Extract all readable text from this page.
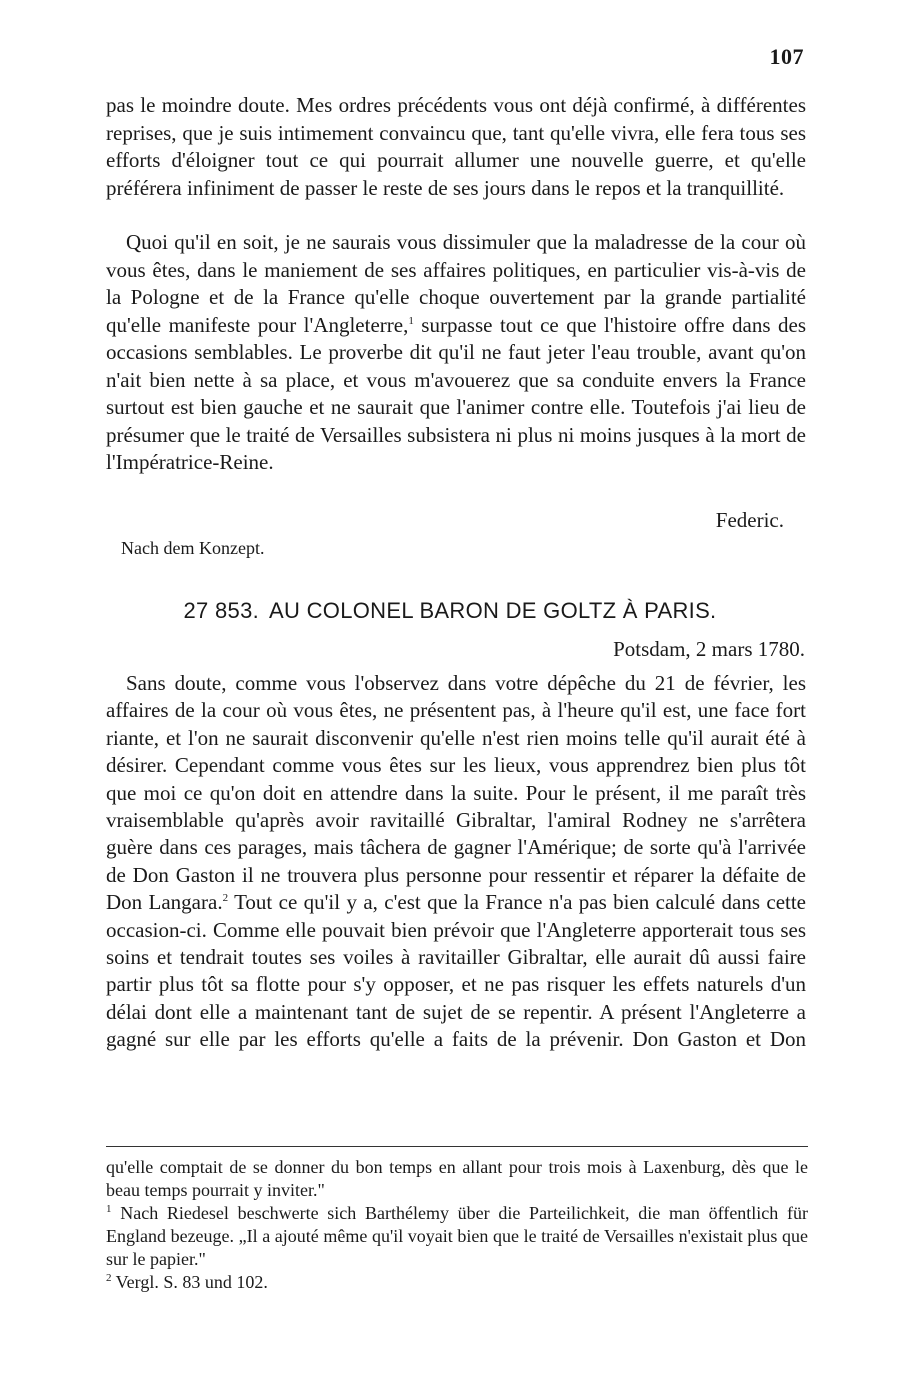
107

pas le moindre doute. Mes ordres précédents vous ont déjà confirmé, à différentes reprises, que je suis intimement convaincu que, tant qu'elle vivra, elle fera tous ses efforts d'éloigner tout ce qui pourrait allumer une nouvelle guerre, et qu'elle préférera infiniment de passer le reste de ses jours dans le repos et la tranquillité.

Quoi qu'il en soit, je ne saurais vous dissimuler que la maladresse de la cour où vous êtes, dans le maniement de ses affaires politiques, en particulier vis-à-vis de la Pologne et de la France qu'elle choque ouvertement par la grande partialité qu'elle manifeste pour l'Angleterre,$^1$ surpasse tout ce que l'histoire offre dans des occasions semblables. Le proverbe dit qu'il ne faut jeter l'eau trouble, avant qu'on n'ait bien nette à sa place, et vous m'avouerez que sa conduite envers la France surtout est bien gauche et ne saurait que l'animer contre elle. Toutefois j'ai lieu de présumer que le traité de Versailles subsistera ni plus ni moins jusques à la mort de l'Impératrice-Reine.

Federic.
Nach dem Konzept.
27 853. AU COLONEL BARON DE GOLTZ À PARIS.
Potsdam, 2 mars 1780.

Sans doute, comme vous l'observez dans votre dépêche du 21 de février, les affaires de la cour où vous êtes, ne présentent pas, à l'heure qu'il est, une face fort riante, et l'on ne saurait disconvenir qu'elle n'est rien moins telle qu'il aurait été à désirer. Cependant comme vous êtes sur les lieux, vous apprendrez bien plus tôt que moi ce qu'on doit en attendre dans la suite. Pour le présent, il me paraît très vraisemblable qu'après avoir ravitaillé Gibraltar, l'amiral Rodney ne s'arrêtera guère dans ces parages, mais tâchera de gagner l'Amérique; de sorte qu'à l'arrivée de Don Gaston il ne trouvera plus personne pour ressentir et réparer la défaite de Don Langara.$^2$ Tout ce qu'il y a, c'est que la France n'a pas bien calculé dans cette occasion-ci. Comme elle pouvait bien prévoir que l'Angleterre apporterait tous ses soins et tendrait toutes ses voiles à ravitailler Gibraltar, elle aurait dû aussi faire partir plus tôt sa flotte pour s'y opposer, et ne pas risquer les effets naturels d'un délai dont elle a maintenant tant de sujet de se repentir. A présent l'Angleterre a gagné sur elle par les efforts qu'elle a faits de la prévenir. Don Gaston et Don

qu'elle comptait de se donner du bon temps en allant pour trois mois à Laxenburg, dès que le beau temps pourrait y inviter."

$^1$ Nach Riedesel beschwerte sich Barthélemy über die Parteilichkeit, die man öffentlich für England bezeuge. „Il a ajouté même qu'il voyait bien que le traité de Versailles n'existait plus que sur le papier."

$^2$ Vergl. S. 83 und 102.
